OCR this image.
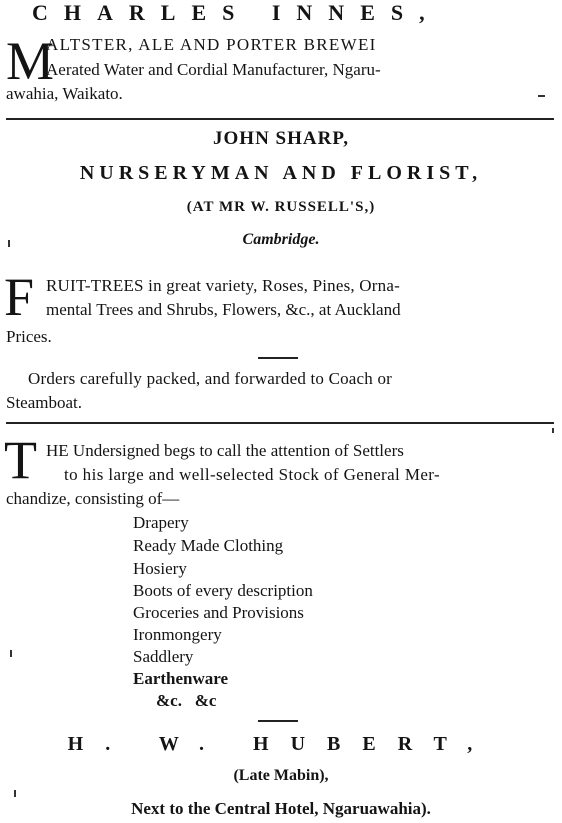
CHARLES INNES,
M
ALTSTER, ALE AND PORTER BREWEI
Aerated Water and Cordial Manufacturer, Ngaru-
awahia, Waikato.
JOHN SHARP,
NURSERYMAN AND FLORIST,
(AT MR W. RUSSELL'S,)
Cambridge.
F RUIT-TREES in great variety, Roses, Pines, Orna-
mental Trees and Shrubs, Flowers, &c., at Auckland
Prices.
Orders carefully packed, and forwarded to Coach or
Steamboat.
T HE Undersigned begs to call the attention of Settlers
to his large and well-selected Stock of General Mer-
chandize, consisting of—
Drapery
Ready Made Clothing
Hosiery
Boots of every description
Groceries and Provisions
Ironmongery
Saddlery
Earthenware
&c.   &c
H. W. HUBERT,
(Late Mabin),
Next to the Central Hotel, Ngaruawahia).
